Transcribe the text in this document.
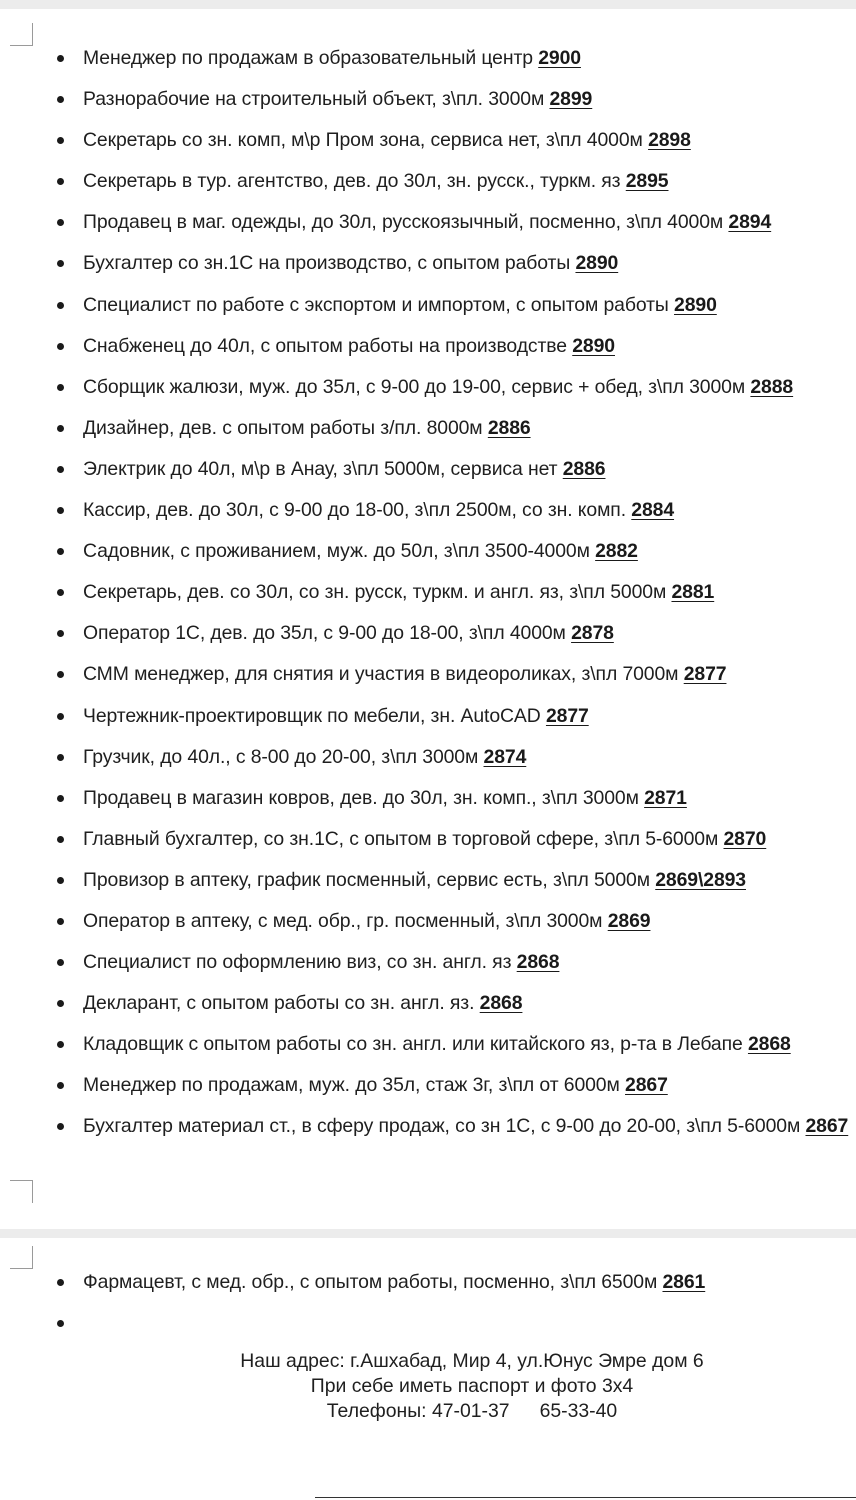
Менеджер по продажам в образовательный центр 2900
Разнорабочие на строительный объект, з\пл. 3000м 2899
Секретарь со зн. комп, м\р Пром зона, сервиса нет, з\пл 4000м 2898
Секретарь в тур. агентство, дев. до 30л, зн. русск., туркм. яз 2895
Продавец в маг. одежды, до 30л, русскоязычный, посменно, з\пл 4000м 2894
Бухгалтер со зн.1С на производство, с опытом работы 2890
Специалист по работе с экспортом и импортом, с опытом работы 2890
Снабженец до 40л, с опытом работы на производстве 2890
Сборщик жалюзи, муж. до 35л, с 9-00 до 19-00, сервис + обед, з\пл 3000м 2888
Дизайнер, дев. с опытом работы з/пл. 8000м 2886
Электрик до 40л, м\р в Анау, з\пл 5000м, сервиса нет 2886
Кассир, дев. до 30л, с 9-00 до 18-00, з\пл 2500м, со зн. комп. 2884
Садовник, с проживанием, муж. до 50л, з\пл 3500-4000м 2882
Секретарь, дев. со 30л, со зн. русск, туркм. и англ. яз, з\пл 5000м 2881
Оператор 1С, дев. до 35л, с 9-00 до 18-00, з\пл 4000м 2878
СММ менеджер, для снятия и участия в видеороликах, з\пл 7000м 2877
Чертежник-проектировщик по мебели, зн. AutoCAD 2877
Грузчик, до 40л., с 8-00 до 20-00, з\пл 3000м 2874
Продавец в магазин ковров, дев. до 30л, зн. комп., з\пл 3000м 2871
Главный бухгалтер, со зн.1С, с опытом в торговой сфере, з\пл 5-6000м 2870
Провизор в аптеку, график посменный, сервис есть, з\пл 5000м 2869\2893
Оператор в аптеку, с мед. обр., гр. посменный, з\пл 3000м 2869
Специалист по оформлению виз, со зн. англ. яз 2868
Декларант, с опытом работы со зн. англ. яз. 2868
Кладовщик с опытом работы со зн. англ. или китайского яз, р-та в Лебапе 2868
Менеджер по продажам, муж. до 35л, стаж 3г, з\пл от 6000м 2867
Бухгалтер материал ст., в сферу продаж, со зн 1С, с 9-00 до 20-00, з\пл 5-6000м 2867
Фармацевт, с мед. обр., с опытом работы, посменно, з\пл 6500м 2861
Наш адрес: г.Ашхабад, Мир 4, ул.Юнус Эмре дом 6
При себе иметь паспорт и фото 3х4
Телефоны: 47-01-37 65-33-40
